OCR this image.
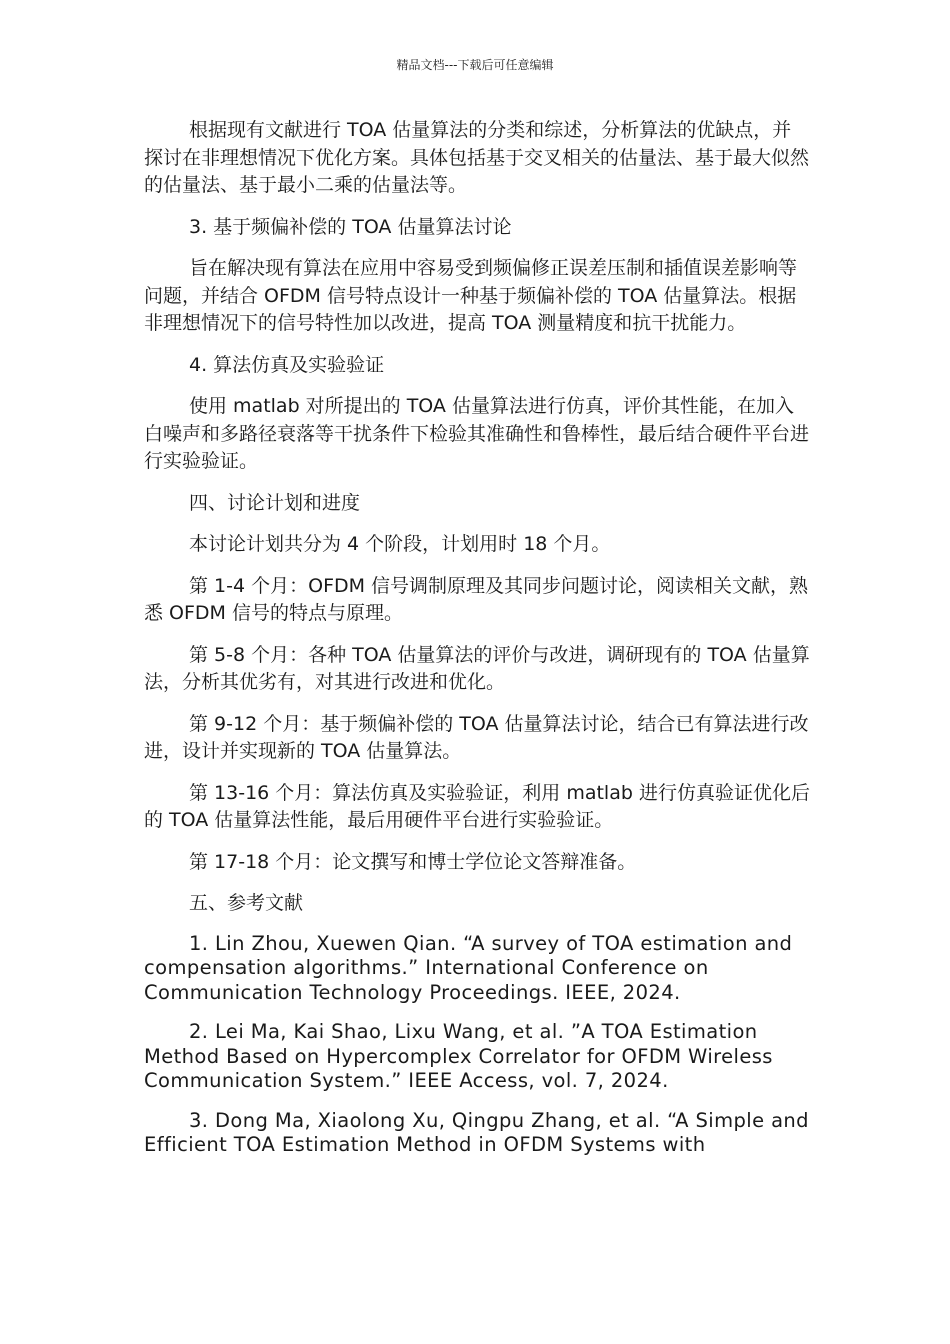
精品文档---下载后可任意编辑

根据现有文献进行 TOA 估量算法的分类和综述，分析算法的优缺点，并探讨在非理想情况下优化方案。具体包括基于交叉相关的估量法、基于最大似然的估量法、基于最小二乘的估量法等。

3. 基于频偏补偿的 TOA 估量算法讨论

旨在解决现有算法在应用中容易受到频偏修正误差压制和插值误差影响等问题，并结合 OFDM 信号特点设计一种基于频偏补偿的 TOA 估量算法。根据非理想情况下的信号特性加以改进，提高 TOA 测量精度和抗干扰能力。

4. 算法仿真及实验验证

使用 matlab 对所提出的 TOA 估量算法进行仿真，评价其性能，在加入白噪声和多路径衰落等干扰条件下检验其准确性和鲁棒性，最后结合硬件平台进行实验验证。

四、讨论计划和进度

本讨论计划共分为 4 个阶段，计划用时 18 个月。

第 1-4 个月：OFDM 信号调制原理及其同步问题讨论，阅读相关文献，熟悉 OFDM 信号的特点与原理。

第 5-8 个月：各种 TOA 估量算法的评价与改进，调研现有的 TOA 估量算法，分析其优劣有，对其进行改进和优化。

第 9-12 个月：基于频偏补偿的 TOA 估量算法讨论，结合已有算法进行改进，设计并实现新的 TOA 估量算法。

第 13-16 个月：算法仿真及实验验证，利用 matlab 进行仿真验证优化后的 TOA 估量算法性能，最后用硬件平台进行实验验证。

第 17-18 个月：论文撰写和博士学位论文答辩准备。

五、参考文献

1. Lin Zhou, Xuewen Qian. “A survey of TOA estimation and compensation algorithms.” International Conference on Communication Technology Proceedings. IEEE, 2024.

2. Lei Ma, Kai Shao, Lixu Wang, et al. ”A TOA Estimation Method Based on Hypercomplex Correlator for OFDM Wireless Communication System.” IEEE Access, vol. 7, 2024.

3. Dong Ma, Xiaolong Xu, Qingpu Zhang, et al. “A Simple and Efficient TOA Estimation Method in OFDM Systems with
